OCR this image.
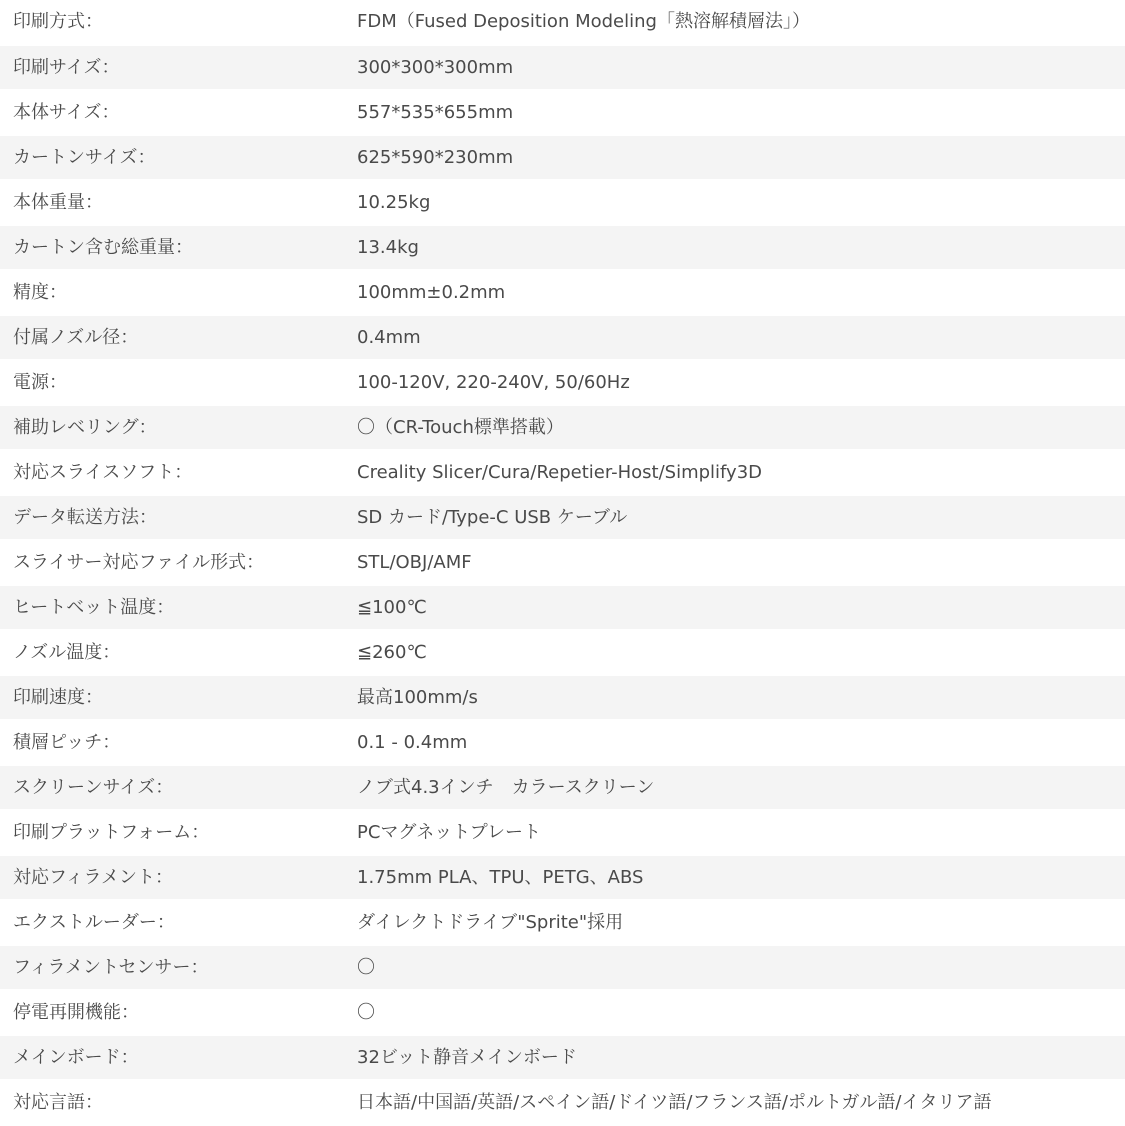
印刷方式：	FDM（Fused Deposition Modeling「熱溶解積層法」）
印刷サイズ：	300*300*300mm
本体サイズ：	557*535*655mm
カートンサイズ：	625*590*230mm
本体重量：	10.25kg
カートン含む総重量：	13.4kg
精度：	100mm±0.2mm
付属ノズル径：	0.4mm
電源：	100-120V, 220-240V, 50/60Hz
補助レベリング：	〇（CR-Touch標準搭載）
対応スライスソフト：	Creality Slicer/Cura/Repetier-Host/Simplify3D
データ転送方法：	SD カード/Type-C USB ケーブル
スライサー対応ファイル形式：	STL/OBJ/AMF
ヒートベット温度：	≦100℃
ノズル温度：	≦260℃
印刷速度：	最高100mm/s
積層ピッチ：	0.1 - 0.4mm
スクリーンサイズ：	ノブ式4.3インチ　カラースクリーン
印刷プラットフォーム：	PCマグネットプレート
対応フィラメント：	1.75mm PLA、TPU、PETG、ABS
エクストルーダー：	ダイレクトドライブ"Sprite"採用
フィラメントセンサー：	〇
停電再開機能：	〇
メインボード：	32ビット静音メインボード
対応言語：	日本語/中国語/英語/スペイン語/ドイツ語/フランス語/ポルトガル語/イタリア語
